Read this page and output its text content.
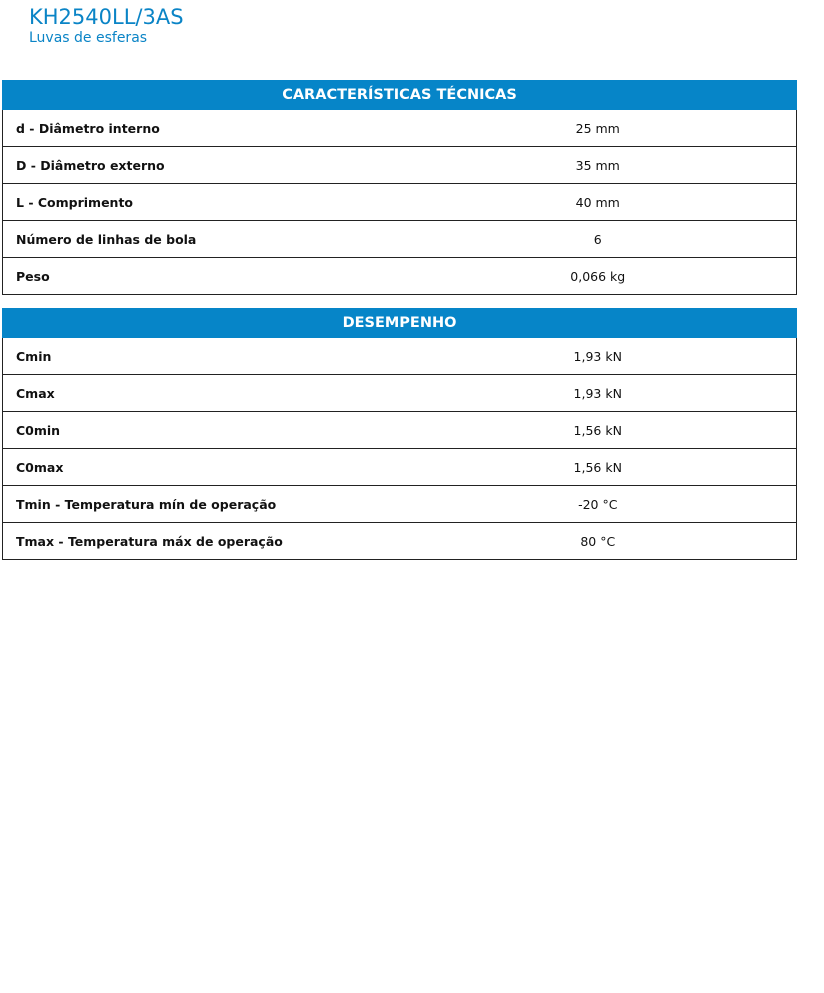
KH2540LL/3AS
Luvas de esferas
CARACTERÍSTICAS TÉCNICAS	
d - Diâmetro interno	25 mm
D - Diâmetro externo	35 mm
L - Comprimento	40 mm
Número de linhas de bola	6
Peso	0,066 kg
DESEMPENHO	
Cmin	1,93 kN
Cmax	1,93 kN
C0min	1,56 kN
C0max	1,56 kN
Tmin - Temperatura mín de operação	-20 °C
Tmax - Temperatura máx de operação	80 °C
